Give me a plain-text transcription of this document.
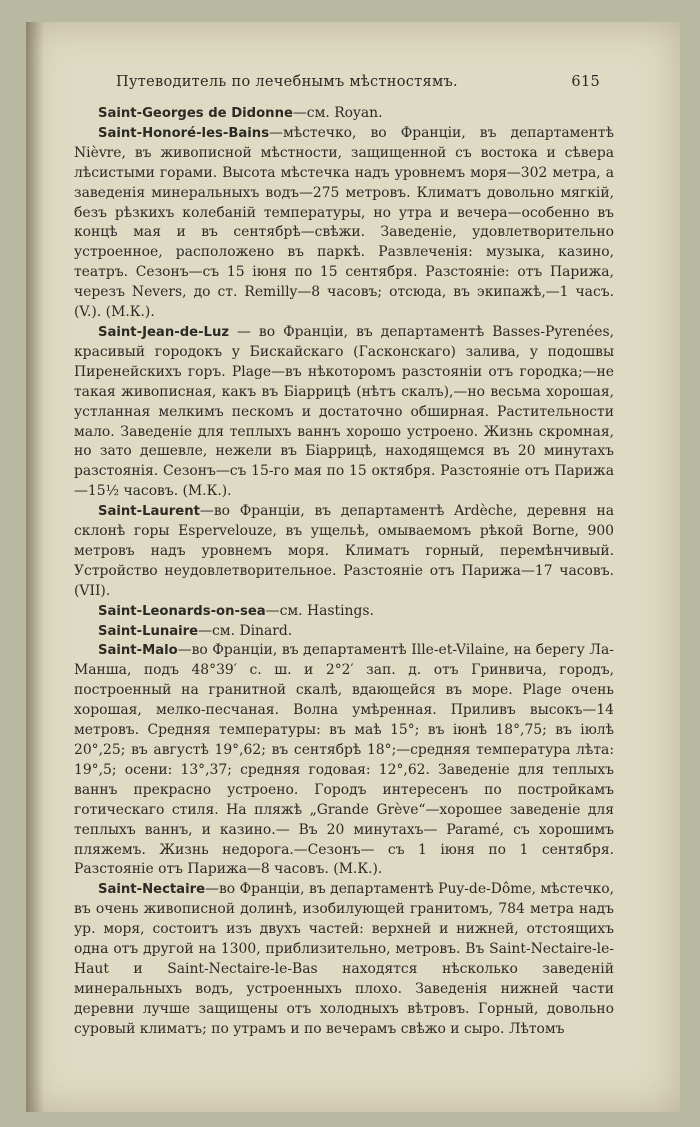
Путеводитель по лечебнымъ мѣстностямъ.	615

Saint-Georges de Didonne—см. Royan.

Saint-Honoré-les-Bains—мѣстечко, во Франціи, въ департаментѣ Nièvre, въ живописной мѣстности, защищенной съ востока и сѣвера лѣсистыми горами. Высота мѣстечка надъ уровнемъ моря—302 метра, а заведенія минеральныхъ водъ—275 метровъ. Климатъ довольно мягкій, безъ рѣзкихъ колебаній температуры, но утра и вечера—особенно въ концѣ мая и въ сентябрѣ—свѣжи. Заведеніе, удовлетворительно устроенное, расположено въ паркѣ. Развлеченія: музыка, казино, театръ. Сезонъ—съ 15 іюня по 15 сентября. Разстояніе: отъ Парижа, черезъ Nevers, до ст. Remilly—8 часовъ; отсюда, въ экипажѣ,—1 часъ. (V.). (М.К.).

Saint-Jean-de-Luz — во Франціи, въ департаментѣ Basses-Pyrenées, красивый городокъ у Бискайскаго (Гасконскаго) залива, у подошвы Пиренейскихъ горъ. Plage—въ нѣкоторомъ разстояніи отъ городка;—не такая живописная, какъ въ Біаррицѣ (нѣтъ скалъ),—но весьма хорошая, устланная мелкимъ пескомъ и достаточно обширная. Растительности мало. Заведеніе для теплыхъ ваннъ хорошо устроено. Жизнь скромная, но зато дешевле, нежели въ Біаррицѣ, находящемся въ 20 минутахъ разстоянія. Сезонъ—съ 15-го мая по 15 октября. Разстояніе отъ Парижа—15½ часовъ. (М.К.).

Saint-Laurent—во Франціи, въ департаментѣ Ardèche, деревня на склонѣ горы Espervelouze, въ ущельѣ, омываемомъ рѣкой Borne, 900 метровъ надъ уровнемъ моря. Климатъ горный, перемѣнчивый. Устройство неудовлетворительное. Разстояніе отъ Парижа—17 часовъ. (VII).

Saint-Leonards-on-sea—см. Hastings.

Saint-Lunaire—см. Dinard.

Saint-Malo—во Франціи, въ департаментѣ Ille-et-Vilaine, на берегу Ла-Манша, подъ 48°39′ с. ш. и 2°2′ зап. д. отъ Гринвича, городъ, построенный на гранитной скалѣ, вдающейся въ море. Plage очень хорошая, мелко-песчаная. Волна умѣренная. Приливъ высокъ—14 метровъ. Средняя температуры: въ маѣ 15°; въ іюнѣ 18°,75; въ іюлѣ 20°,25; въ августѣ 19°,62; въ сентябрѣ 18°;—средняя температура лѣта: 19°,5; осени: 13°,37; средняя годовая: 12°,62. Заведеніе для теплыхъ ваннъ прекрасно устроено. Городъ интересенъ по постройкамъ готическаго стиля. На пляжѣ „Grande Grève“—хорошее заведеніе для теплыхъ ваннъ, и казино.— Въ 20 минутахъ— Paramé, съ хорошимъ пляжемъ. Жизнь недорога.—Сезонъ— съ 1 іюня по 1 сентября. Разстояніе отъ Парижа—8 часовъ. (М.К.).

Saint-Nectaire—во Франціи, въ департаментѣ Puy-de-Dôme, мѣстечко, въ очень живописной долинѣ, изобилующей гранитомъ, 784 метра надъ ур. моря, состоитъ изъ двухъ частей: верхней и нижней, отстоящихъ одна отъ другой на 1300, приблизительно, метровъ. Въ Saint-Nectaire-le-Haut и Saint-Nectaire-le-Bas находятся нѣсколько заведеній минеральныхъ водъ, устроенныхъ плохо. Заведенія нижней части деревни лучше защищены отъ холодныхъ вѣтровъ. Горный, довольно суровый климатъ; по утрамъ и по вечерамъ свѣжо и сыро. Лѣтомъ
